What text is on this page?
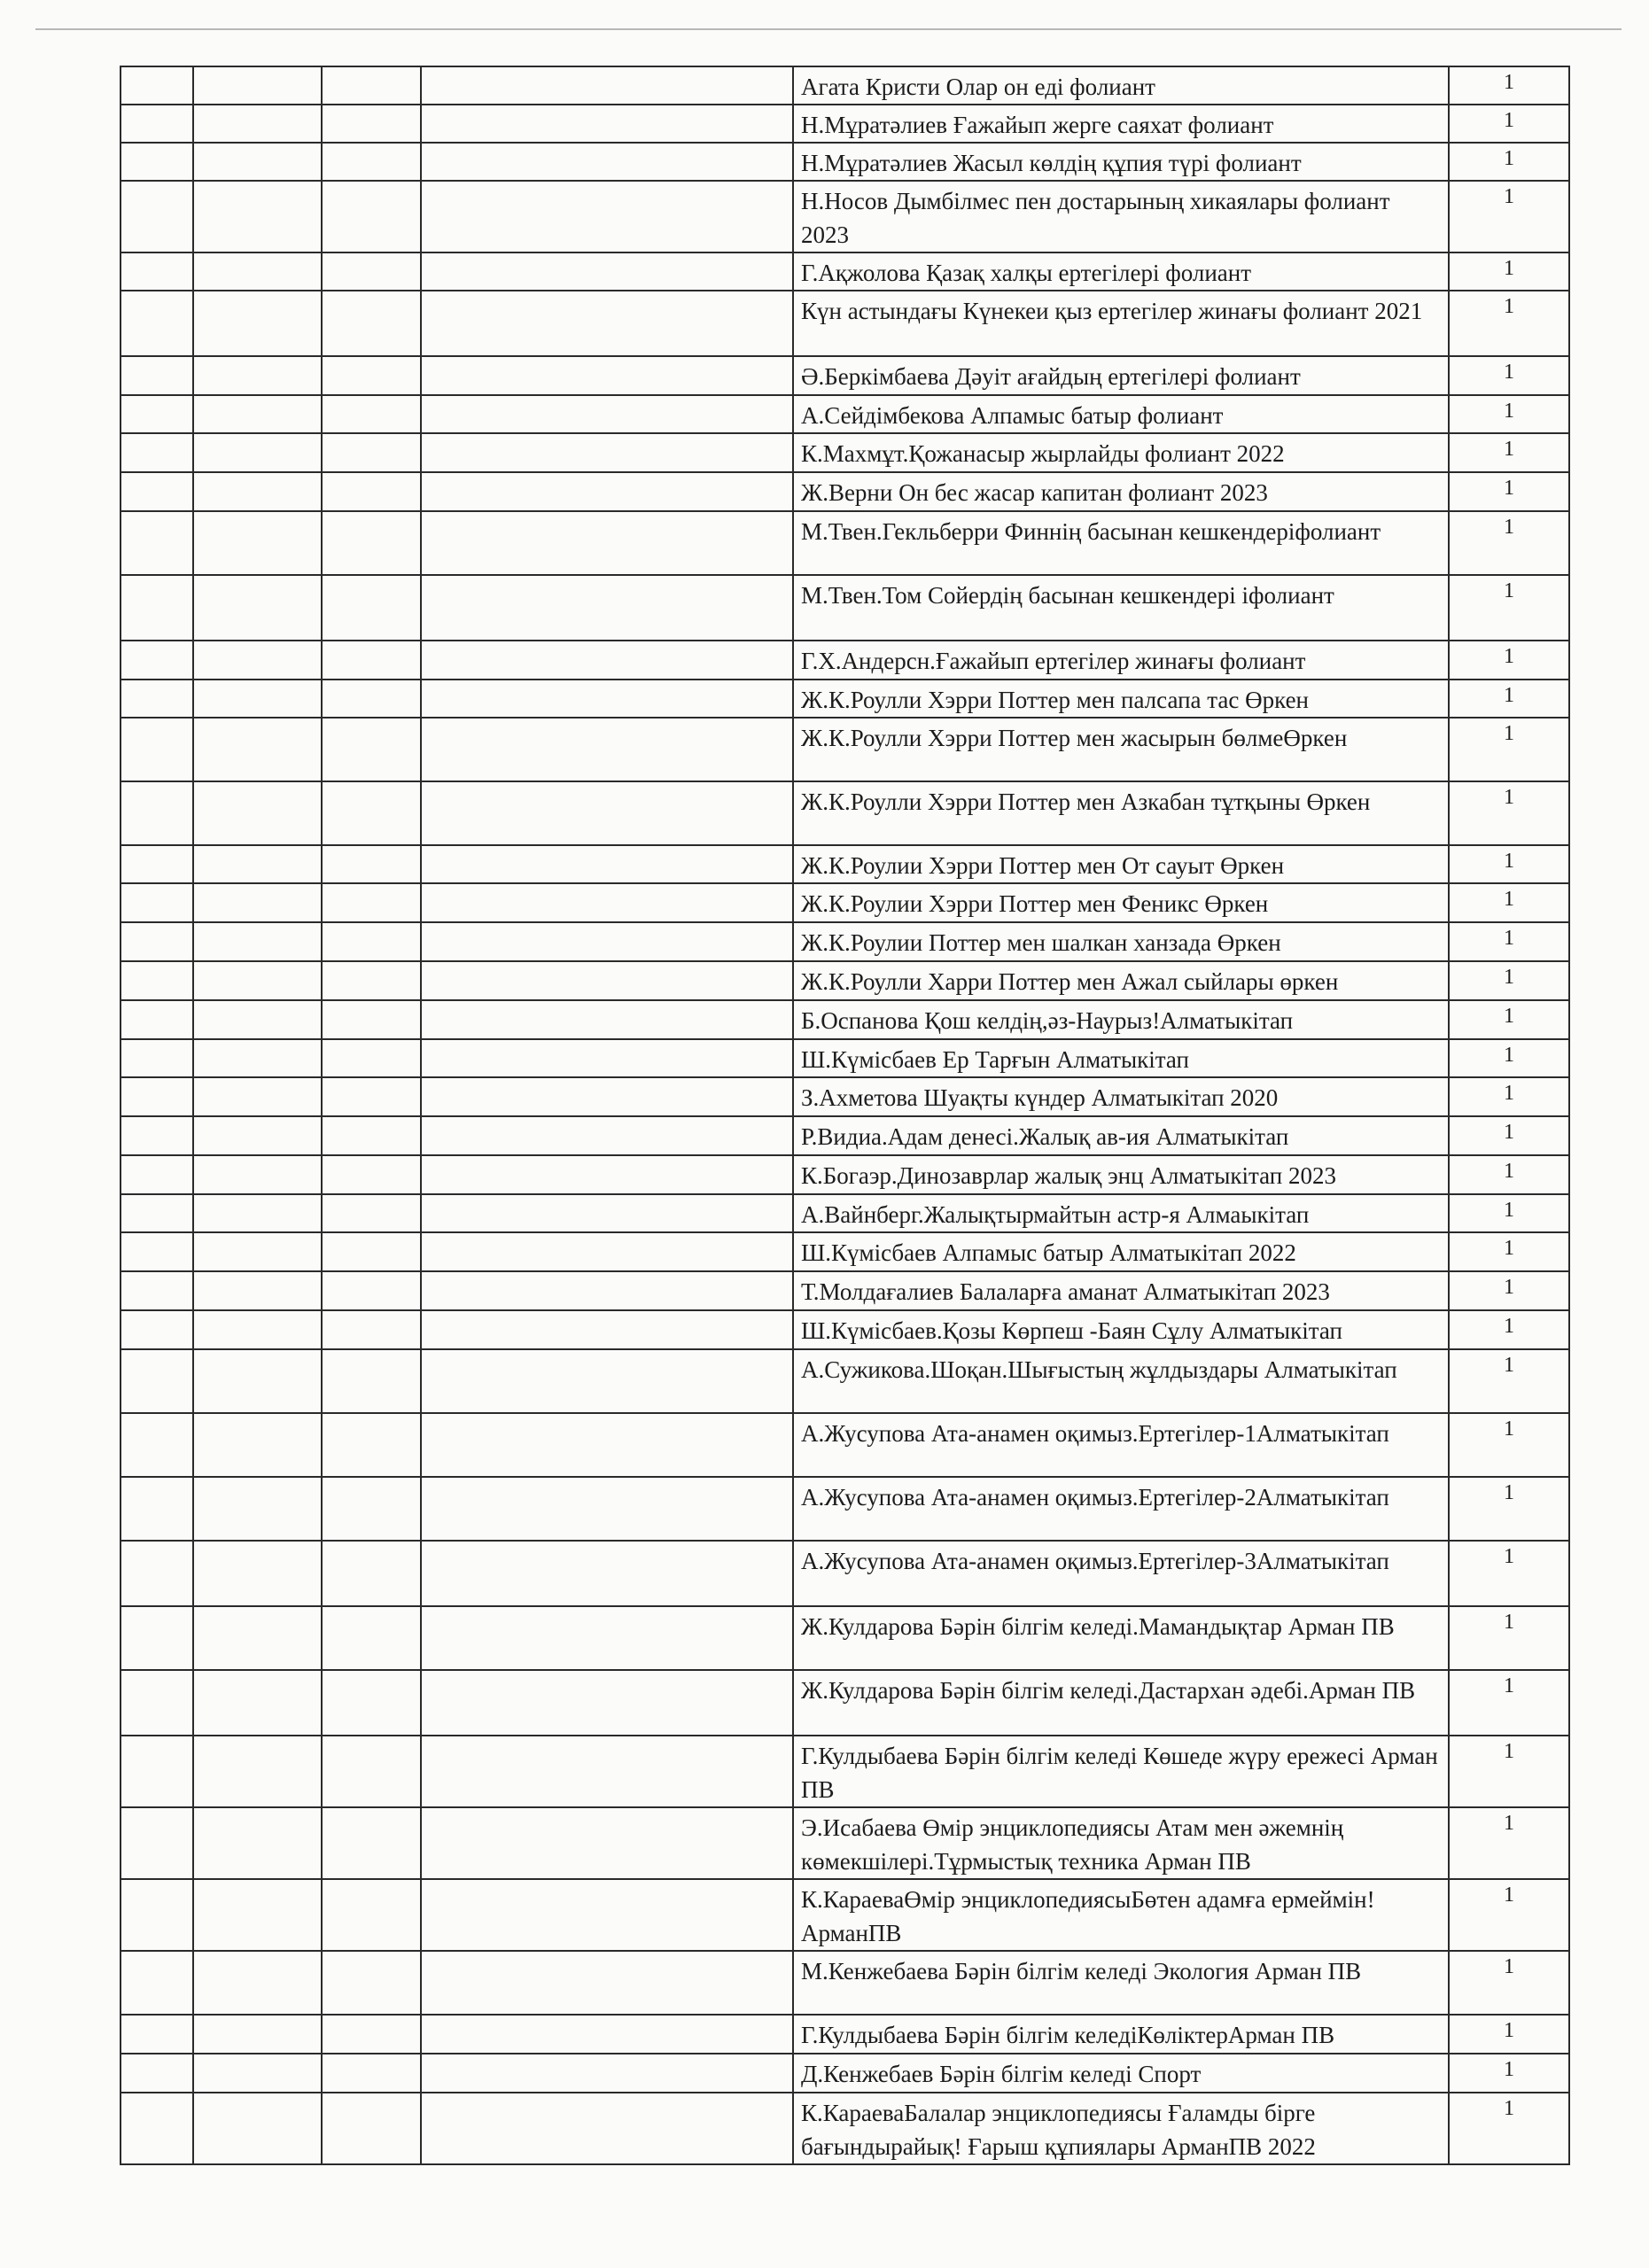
				Агата Кристи Олар он еді фолиант	1
				Н.Мұратәлиев Ғажайып жерге саяхат фолиант	1
				Н.Мұратәлиев Жасыл көлдің құпия түрі фолиант	1
				Н.Носов Дымбілмес пен достарының хикаялары фолиант 2023	1
				Г.Ақжолова Қазақ халқы ертегілері фолиант	1
				Күн астындағы Күнекеи қыз ертегілер жинағы фолиант 2021	1
				Ә.Беркімбаева Дәуіт ағайдың ертегілері фолиант	1
				А.Сейдімбекова Алпамыс батыр фолиант	1
				К.Махмұт.Қожанасыр жырлайды фолиант 2022	1
				Ж.Верни Он бес жасар капитан фолиант 2023	1
				М.Твен.Гекльберри Финнің басынан кешкендеріфолиант	1
				М.Твен.Том Сойердің басынан кешкендері іфолиант	1
				Г.Х.Андерсн.Ғажайып ертегілер жинағы фолиант	1
				Ж.К.Роулли Хэрри Поттер мен палсапа тас Өркен	1
				Ж.К.Роулли Хэрри Поттер мен жасырын бөлмеӨркен	1
				Ж.К.Роулли Хэрри Поттер мен Азкабан тұтқыны Өркен	1
				Ж.К.Роулии Хэрри Поттер мен От сауыт Өркен	1
				Ж.К.Роулии Хэрри Поттер мен Феникс Өркен	1
				Ж.К.Роулии Поттер мен шалкан ханзада Өркен	1
				Ж.К.Роулли Харри Поттер мен Ажал сыйлары өркен	1
				Б.Оспанова Қош келдің,әз-Наурыз!Алматыкітап	1
				Ш.Күмісбаев Ер Тарғын Алматыкітап	1
				З.Ахметова Шуақты күндер Алматыкітап 2020	1
				Р.Видиа.Адам денесі.Жалық ав-ия Алматыкітап	1
				К.Богаэр.Динозаврлар жалық энц Алматыкітап 2023	1
				А.Вайнберг.Жалықтырмайтын астр-я Алмаыкітап	1
				Ш.Күмісбаев Алпамыс батыр Алматыкітап 2022	1
				Т.Молдағалиев Балаларға аманат Алматыкітап 2023	1
				Ш.Күмісбаев.Қозы Көрпеш -Баян Сұлу Алматыкітап	1
				А.Сужикова.Шоқан.Шығыстың жұлдыздары Алматыкітап	1
				А.Жусупова Ата-анамен оқимыз.Ертегілер-1Алматыкітап	1
				А.Жусупова Ата-анамен оқимыз.Ертегілер-2Алматыкітап	1
				А.Жусупова Ата-анамен оқимыз.Ертегілер-3Алматыкітап	1
				Ж.Кулдарова Бәрін білгім келеді.Мамандықтар Арман ПВ	1
				Ж.Кулдарова Бәрін білгім келеді.Дастархан әдебі.Арман ПВ	1
				Г.Кулдыбаева Бәрін білгім келеді Көшеде жүру ережесі Арман ПВ	1
				Э.Исабаева Өмір энциклопедиясы Атам мен әжемнің көмекшілері.Тұрмыстық техника Арман ПВ	1
				К.КараеваӨмір энциклопедиясыБөтен адамға ермеймін! АрманПВ	1
				М.Кенжебаева Бәрін білгім келеді Экология Арман ПВ	1
				Г.Кулдыбаева Бәрін білгім келедіКөліктерАрман ПВ	1
				Д.Кенжебаев Бәрін білгім келеді Спорт	1
				К.КараеваБалалар энциклопедиясы Ғаламды бірге бағындырайық! Ғарыш құпиялары АрманПВ 2022	1
